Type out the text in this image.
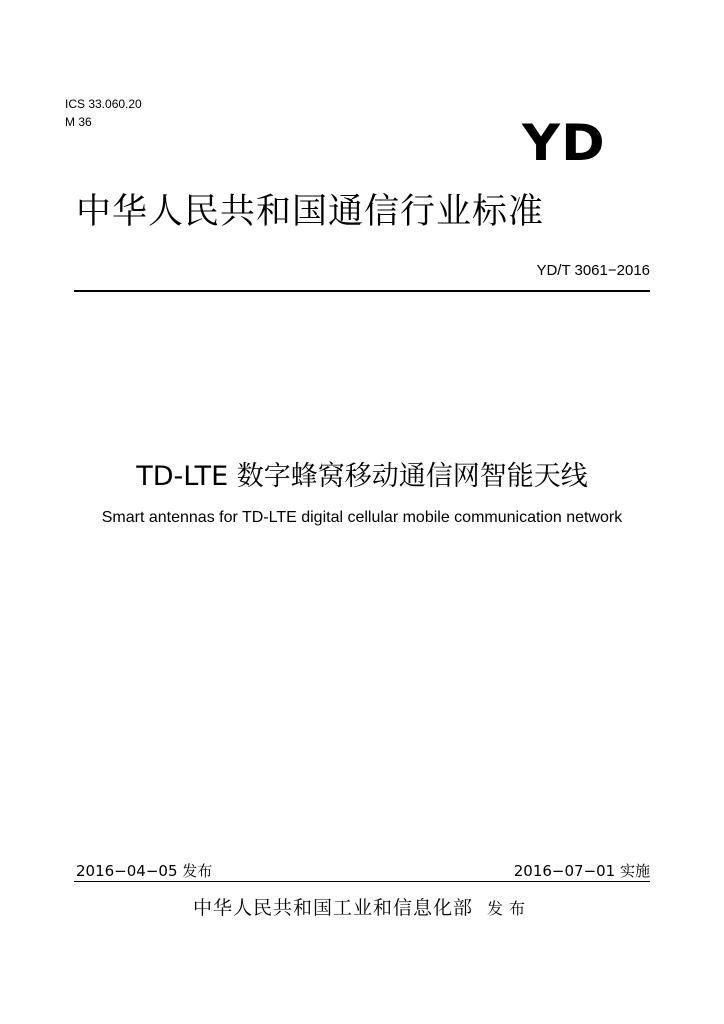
ICS 33.060.20
M 36	YD
中华人民共和国通信行业标准
YD/T 3061−2016
TD-LTE 数字蜂窝移动通信网智能天线
Smart antennas for TD-LTE digital cellular mobile communication network
2016−04−05 发布	2016−07−01 实施
中华人民共和国工业和信息化部 发布
